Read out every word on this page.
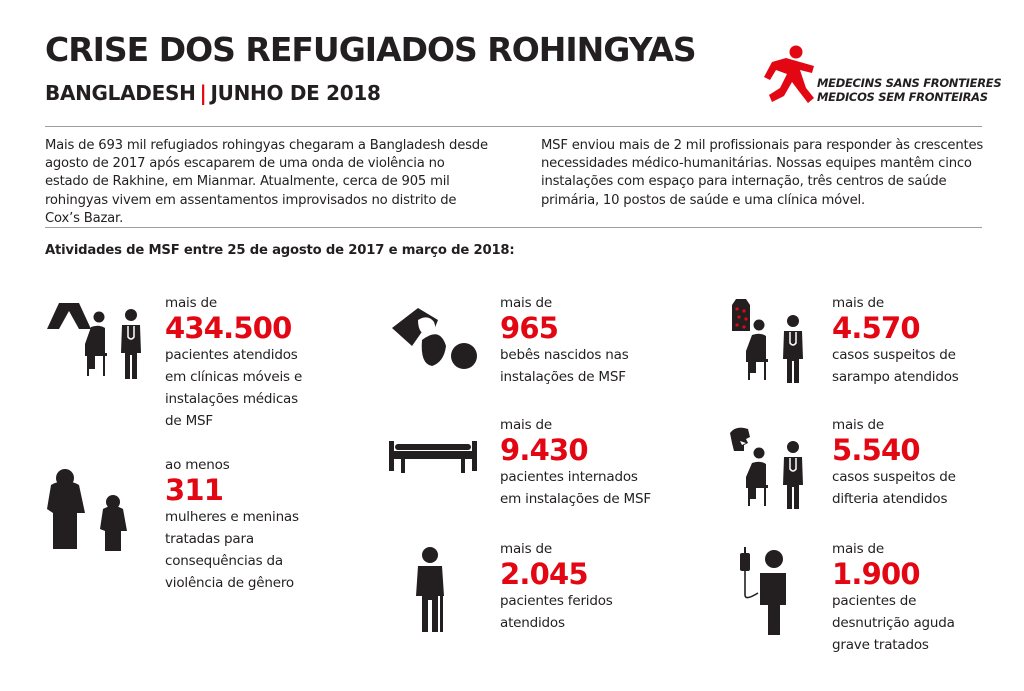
CRISE DOS REFUGIADOS ROHINGYAS
BANGLADESH | JUNHO DE 2018	MEDECINS SANS FRONTIERES
MEDICOS SEM FRONTEIRAS
Mais de 693 mil refugiados rohingyas chegaram a Bangladesh desde agosto de 2017 após escaparem de uma onda de violência no estado de Rakhine, em Mianmar. Atualmente, cerca de 905 mil rohingyas vivem em assentamentos improvisados no distrito de Cox’s Bazar.
MSF enviou mais de 2 mil profissionais para responder às crescentes necessidades médico-humanitárias. Nossas equipes mantêm cinco instalações com espaço para internação, três centros de saúde primária, 10 postos de saúde e uma clínica móvel.
Atividades de MSF entre 25 de agosto de 2017 e março de 2018:
mais de
434.500
pacientes atendidos
em clínicas móveis e
instalações médicas
de MSF
ao menos
311
mulheres e meninas
tratadas para
consequências da
violência de gênero
mais de
965
bebês nascidos nas
instalações de MSF
mais de
9.430
pacientes internados
em instalações de MSF
mais de
2.045
pacientes feridos
atendidos
mais de
4.570
casos suspeitos de
sarampo atendidos
mais de
5.540
casos suspeitos de
difteria atendidos
mais de
1.900
pacientes de
desnutrição aguda
grave tratados
